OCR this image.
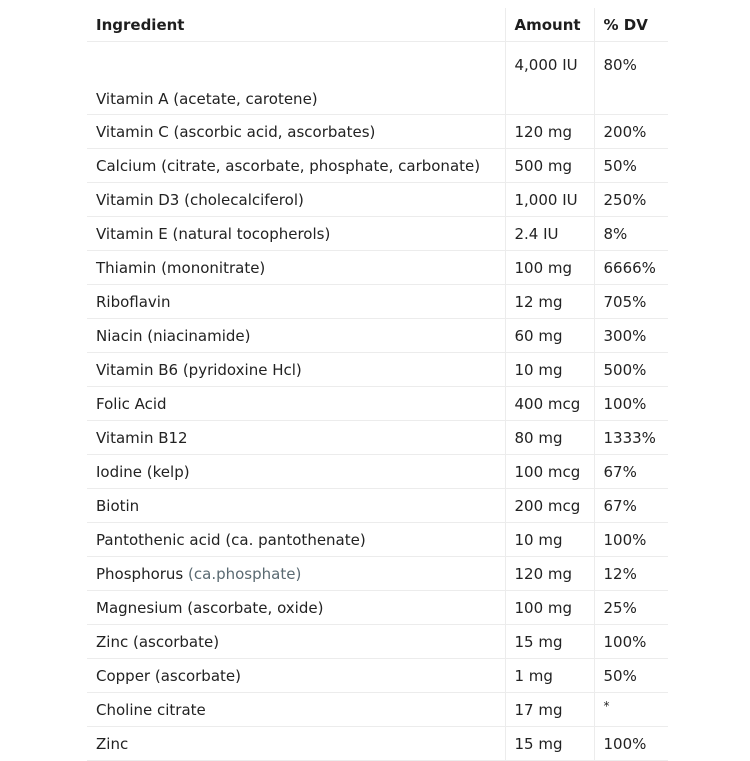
Ingredient	Amount	% DV
Vitamin A (acetate, carotene)	4,000 IU	80%
Vitamin C (ascorbic acid, ascorbates)	120 mg	200%
Calcium (citrate, ascorbate, phosphate, carbonate)	500 mg	50%
Vitamin D3 (cholecalciferol)	1,000 IU	250%
Vitamin E (natural tocopherols)	2.4 IU	8%
Thiamin (mononitrate)	100 mg	6666%
Riboflavin	12 mg	705%
Niacin (niacinamide)	60 mg	300%
Vitamin B6 (pyridoxine Hcl)	10 mg	500%
Folic Acid	400 mcg	100%
Vitamin B12	80 mg	1333%
Iodine (kelp)	100 mcg	67%
Biotin	200 mcg	67%
Pantothenic acid (ca. pantothenate)	10 mg	100%
Phosphorus (ca.phosphate)	120 mg	12%
Magnesium (ascorbate, oxide)	100 mg	25%
Zinc (ascorbate)	15 mg	100%
Copper (ascorbate)	1 mg	50%
Choline citrate	17 mg	*
Zinc	15 mg	100%
